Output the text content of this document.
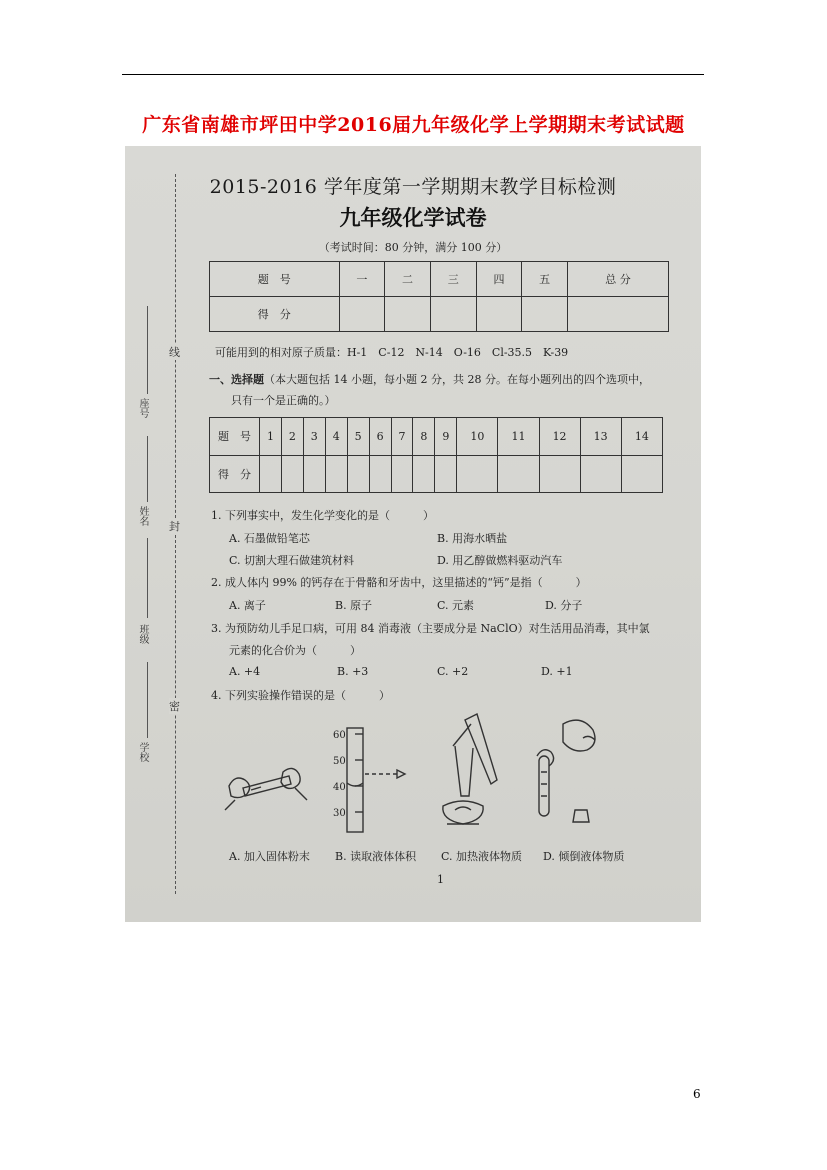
广东省南雄市坪田中学2016届九年级化学上学期期末考试试题
线
封
密
座号
姓名
班级
学校
2015-2016 学年度第一学期期末教学目标检测
九年级化学试卷
（考试时间：80 分钟，满分 100 分）
题　号	一	二	三	四	五	总 分
得　分						
可能用到的相对原子质量：H-1　C-12　N-14　O-16　Cl-35.5　K-39
一、选择题（本大题包括 14 小题，每小题 2 分，共 28 分。在每小题列出的四个选项中，
只有一个是正确的。）
题　号	1	2	3	4	5	6	7	8	9	10	11	12	13	14
得　分														
1. 下列事实中，发生化学变化的是（　　　）
A. 石墨做铅笔芯	B. 用海水晒盐
C. 切割大理石做建筑材料	D. 用乙醇做燃料驱动汽车
2. 成人体内 99% 的钙存在于骨骼和牙齿中，这里描述的“钙”是指（　　　）
A. 离子	B. 原子	C. 元素	D. 分子
3. 为预防幼儿手足口病，可用 84 消毒液（主要成分是 NaClO）对生活用品消毒，其中氯
元素的化合价为（　　　）
A. +4	B. +3	C. +2	D. +1
4. 下列实验操作错误的是（　　　）
60
50
40
30
A. 加入固体粉末 B. 读取液体体积 C. 加热液体物质 D. 倾倒液体物质
1
6
